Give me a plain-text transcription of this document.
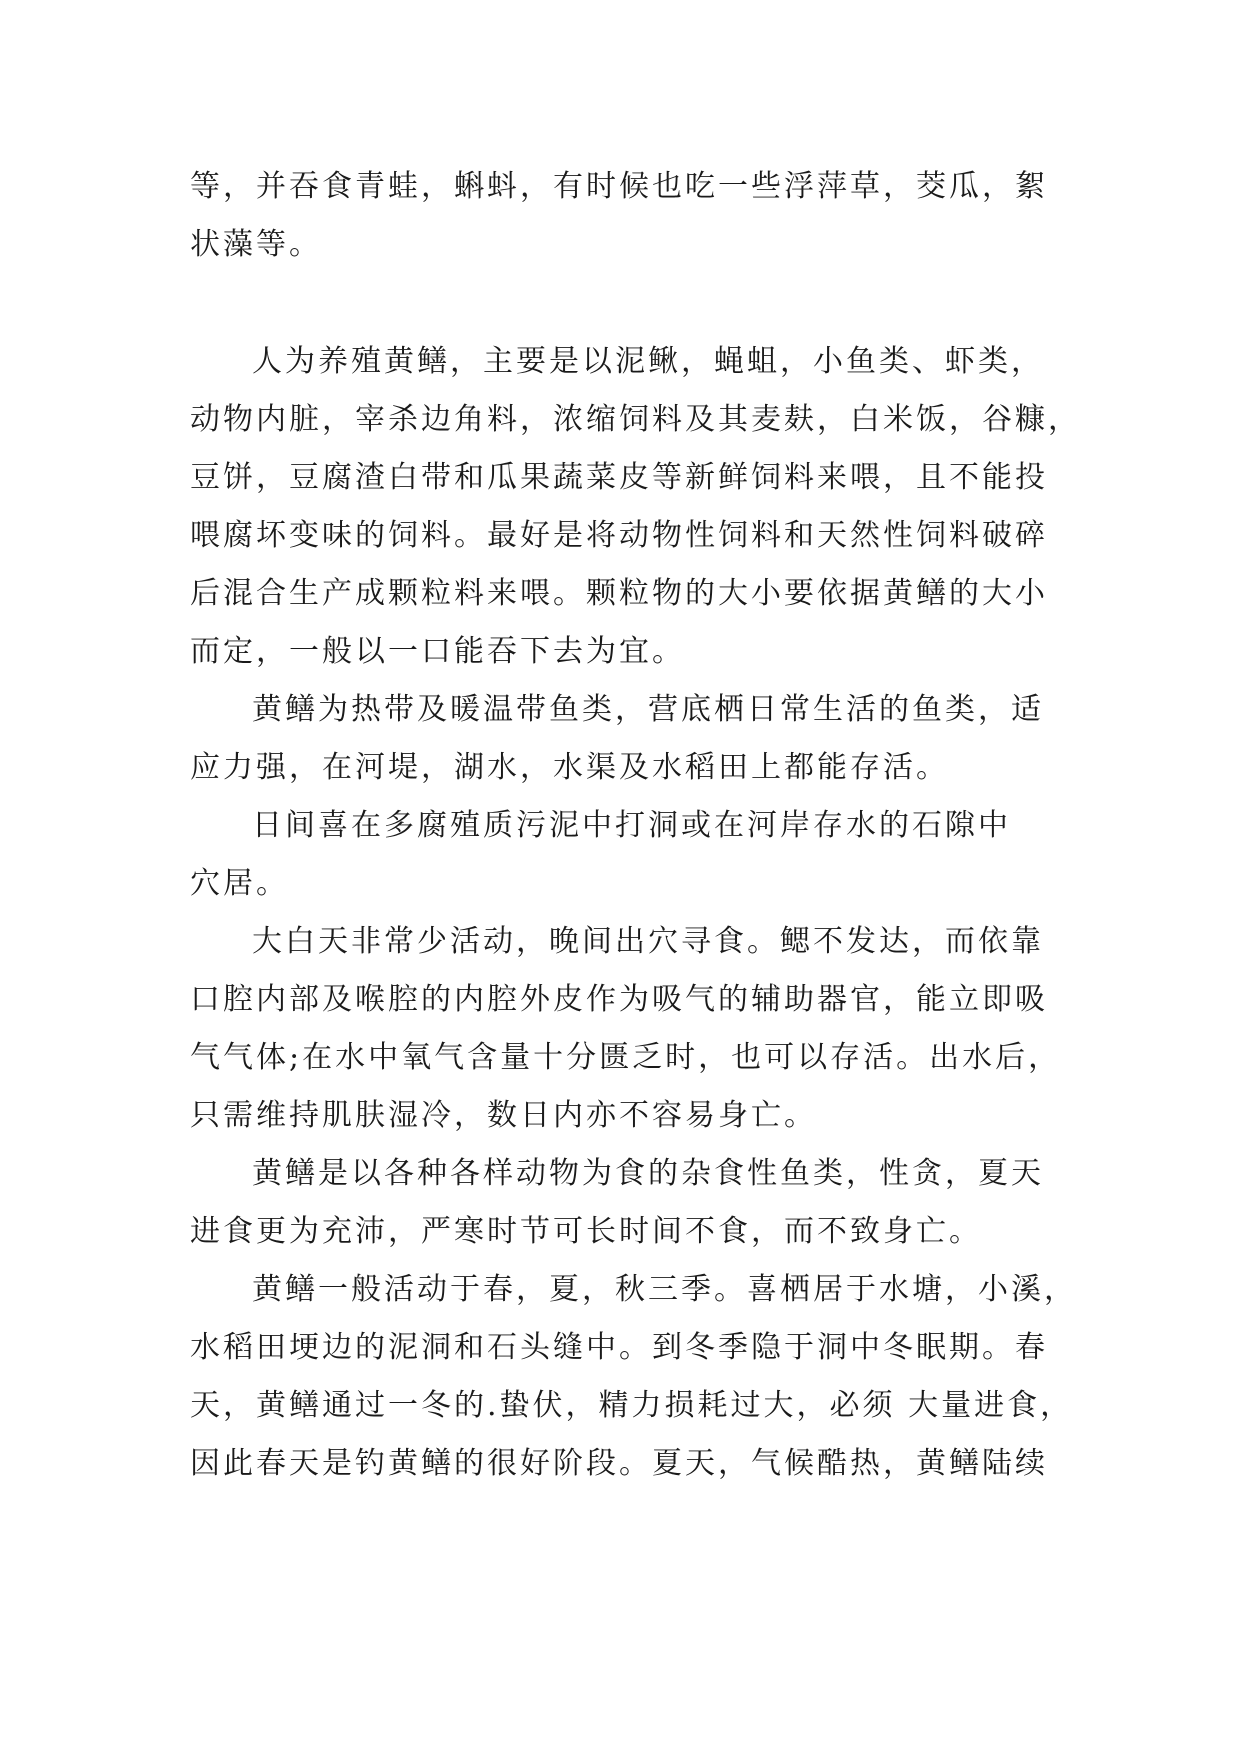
等，并吞食青蛙，蝌蚪，有时候也吃一些浮萍草，茭瓜，絮
状藻等。
人为养殖黄鳝，主要是以泥鳅，蝇蛆，小鱼类、虾类，
动物内脏，宰杀边角料，浓缩饲料及其麦麸，白米饭，谷糠，
豆饼，豆腐渣白带和瓜果蔬菜皮等新鲜饲料来喂，且不能投
喂腐坏变味的饲料。最好是将动物性饲料和天然性饲料破碎
后混合生产成颗粒料来喂。颗粒物的大小要依据黄鳝的大小
而定，一般以一口能吞下去为宜。
黄鳝为热带及暖温带鱼类，营底栖日常生活的鱼类，适
应力强，在河堤，湖水，水渠及水稻田上都能存活。
日间喜在多腐殖质污泥中打洞或在河岸存水的石隙中
穴居。
大白天非常少活动，晚间出穴寻食。鳃不发达，而依靠
口腔内部及喉腔的内腔外皮作为吸气的辅助器官，能立即吸
气气体;在水中氧气含量十分匮乏时，也可以存活。出水后，
只需维持肌肤湿冷，数日内亦不容易身亡。
黄鳝是以各种各样动物为食的杂食性鱼类，性贪，夏天
进食更为充沛，严寒时节可长时间不食，而不致身亡。
黄鳝一般活动于春，夏，秋三季。喜栖居于水塘，小溪，
水稻田埂边的泥洞和石头缝中。到冬季隐于洞中冬眠期。春
天，黄鳝通过一冬的.蛰伏，精力损耗过大，必须 大量进食，
因此春天是钓黄鳝的很好阶段。夏天，气候酷热，黄鳝陆续
